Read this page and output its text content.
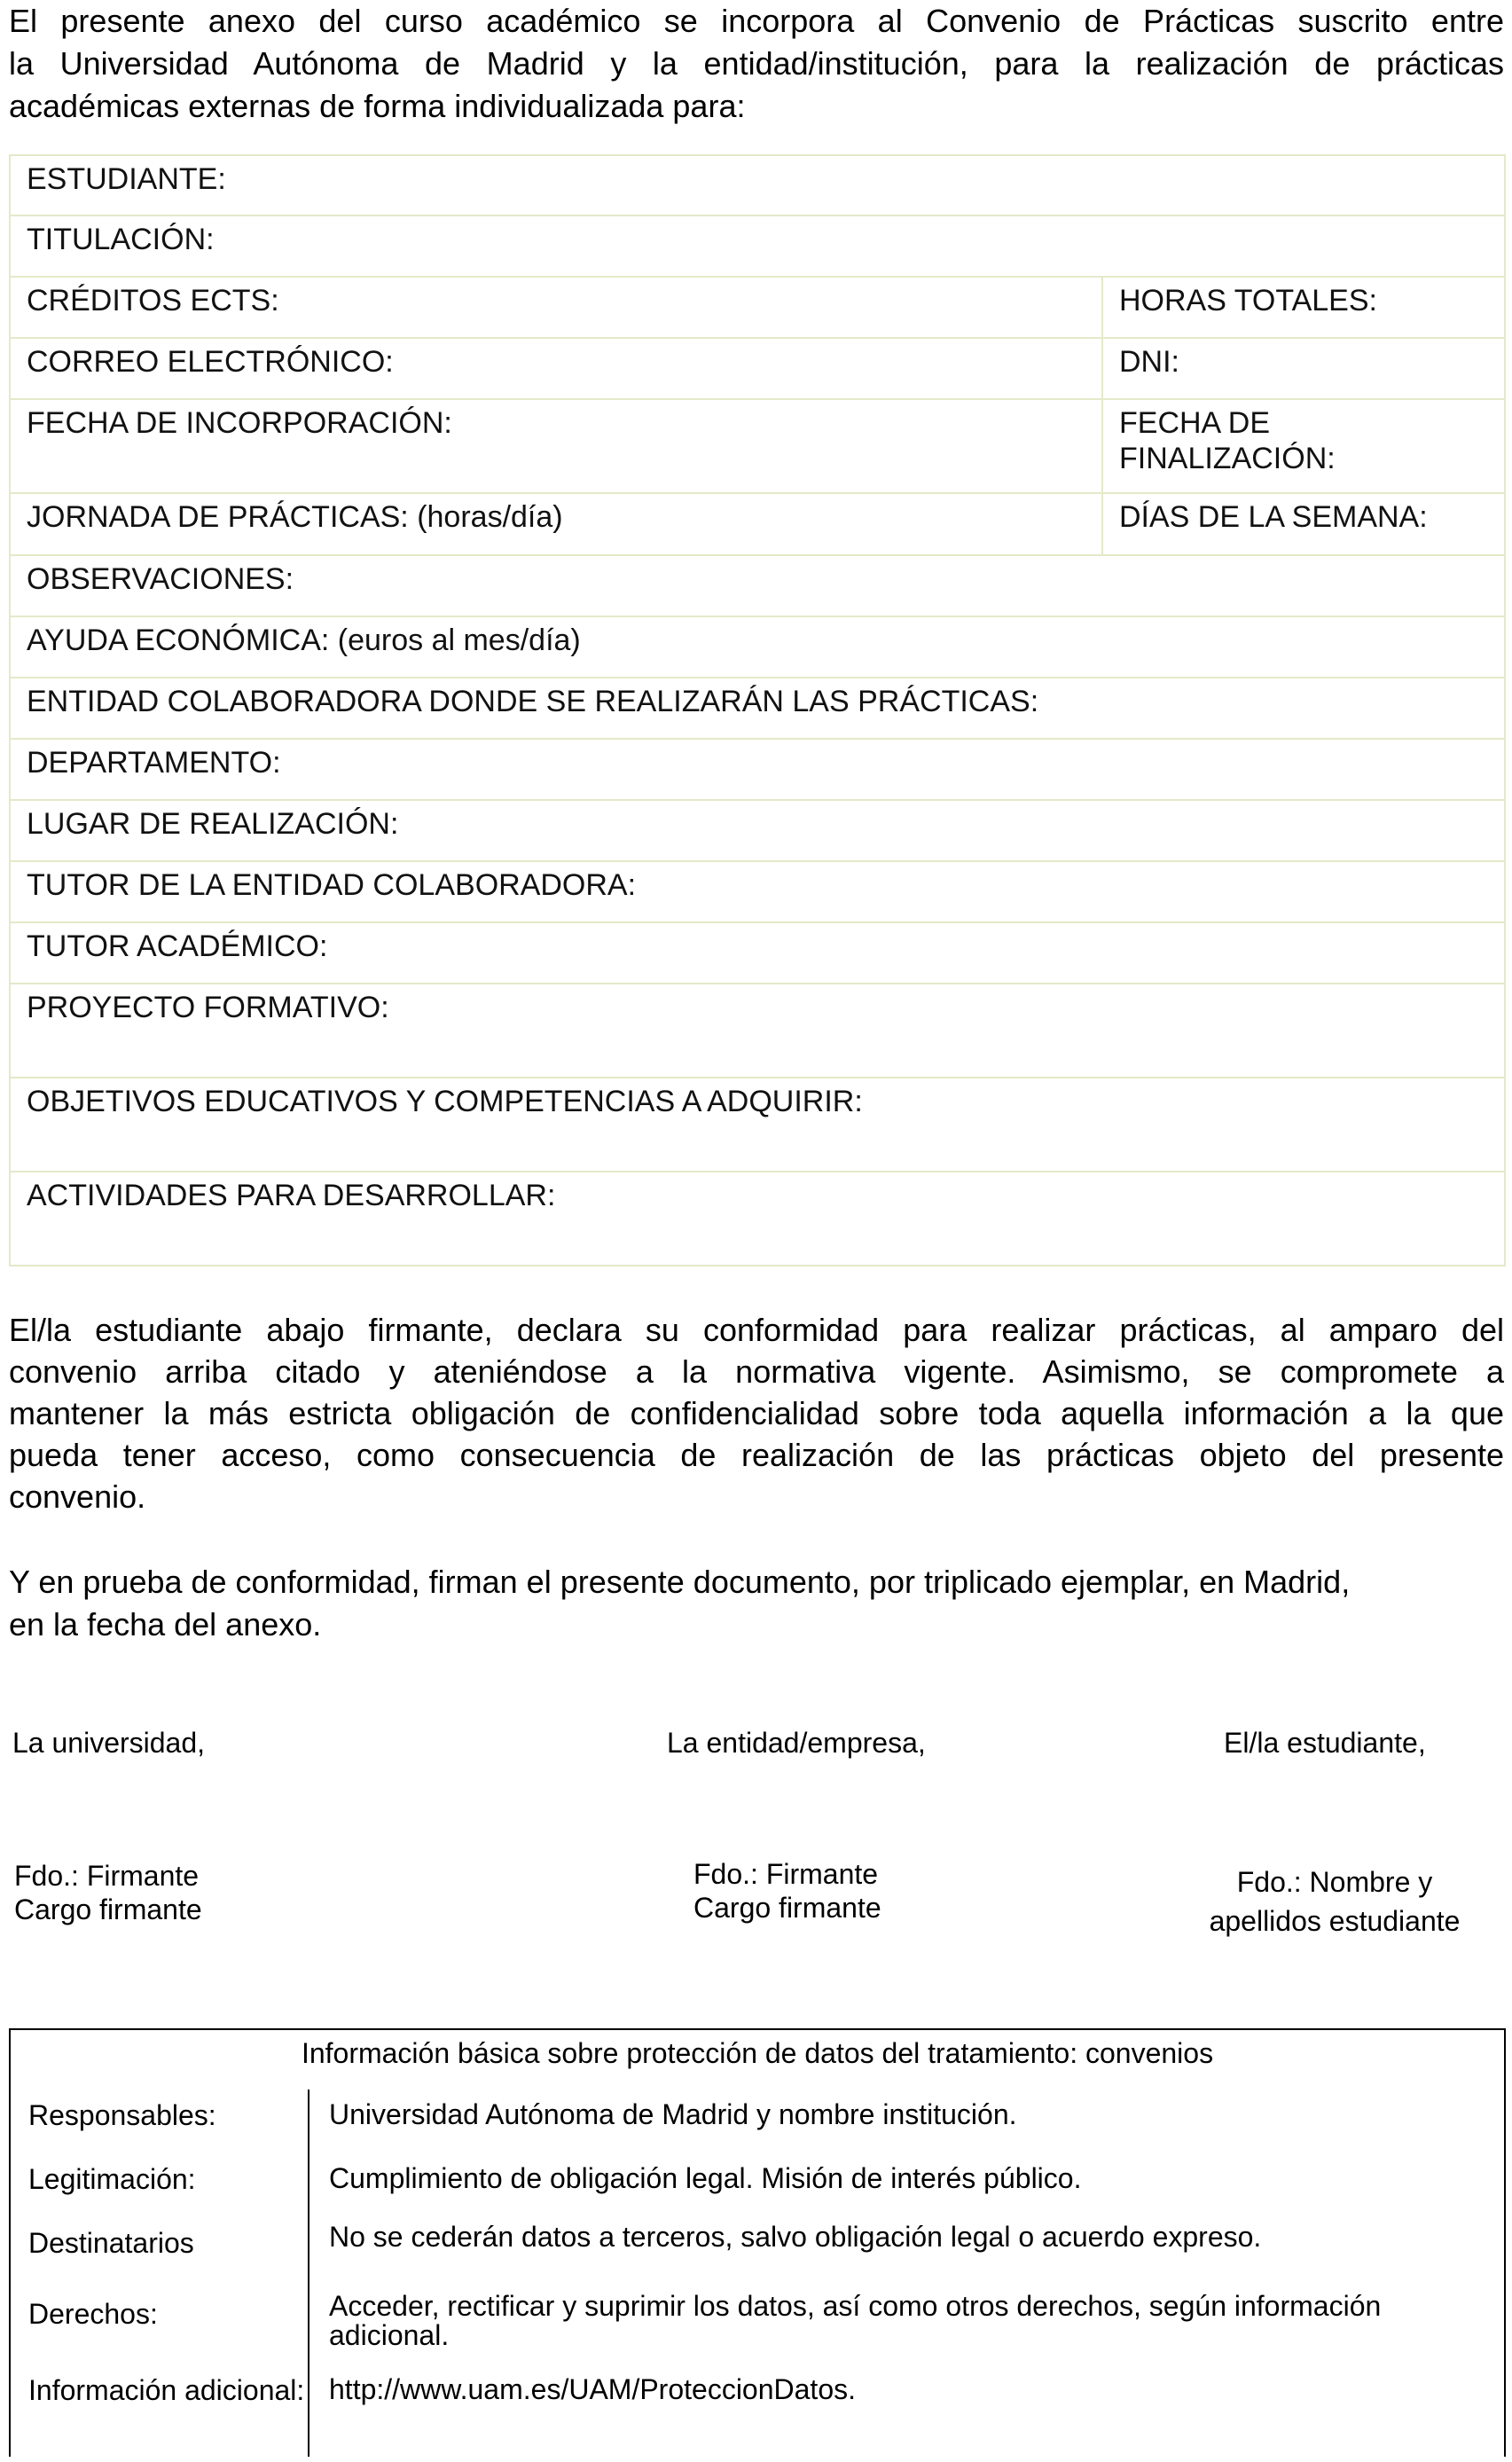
El presente anexo del curso académico se incorpora al Convenio de Prácticas suscrito entre
la Universidad Autónoma de Madrid y la entidad/institución, para la realización de prácticas
académicas externas de forma individualizada para:

ESTUDIANTE:	

TITULACIÓN:	

CRÉDITOS ECTS:	HORAS TOTALES:

CORREO ELECTRÓNICO:	DNI:

FECHA DE INCORPORACIÓN:	FECHA DE
FINALIZACIÓN:

JORNADA DE PRÁCTICAS: (horas/día)	DÍAS DE LA SEMANA:

OBSERVACIONES:	

AYUDA ECONÓMICA: (euros al mes/día)	

ENTIDAD COLABORADORA DONDE SE REALIZARÁN LAS PRÁCTICAS:	

DEPARTAMENTO:	

LUGAR DE REALIZACIÓN:	

TUTOR DE LA ENTIDAD COLABORADORA:	

TUTOR ACADÉMICO:	

PROYECTO FORMATIVO:	

OBJETIVOS EDUCATIVOS Y COMPETENCIAS A ADQUIRIR:	

ACTIVIDADES PARA DESARROLLAR:	

El/la estudiante abajo firmante, declara su conformidad para realizar prácticas, al amparo del
convenio arriba citado y ateniéndose a la normativa vigente. Asimismo, se compromete a
mantener la más estricta obligación de confidencialidad sobre toda aquella información a la que
pueda tener acceso, como consecuencia de realización de las prácticas objeto del presente
convenio.

Y en prueba de conformidad, firman el presente documento, por triplicado ejemplar, en Madrid,
en la fecha del anexo.

La universidad,	La entidad/empresa,	El/la estudiante,
Fdo.: Firmante
Cargo firmante
Fdo.: Firmante
Cargo firmante
Fdo.: Nombre y
apellidos estudiante
Información básica sobre protección de datos del tratamiento: convenios	
Responsables:	Universidad Autónoma de Madrid y nombre institución.
Legitimación:	Cumplimiento de obligación legal. Misión de interés público.
Destinatarios	No se cederán datos a terceros, salvo obligación legal o acuerdo expreso.
Derechos:	Acceder, rectificar y suprimir los datos, así como otros derechos, según información adicional.
Información adicional:	http://www.uam.es/UAM/ProteccionDatos.
